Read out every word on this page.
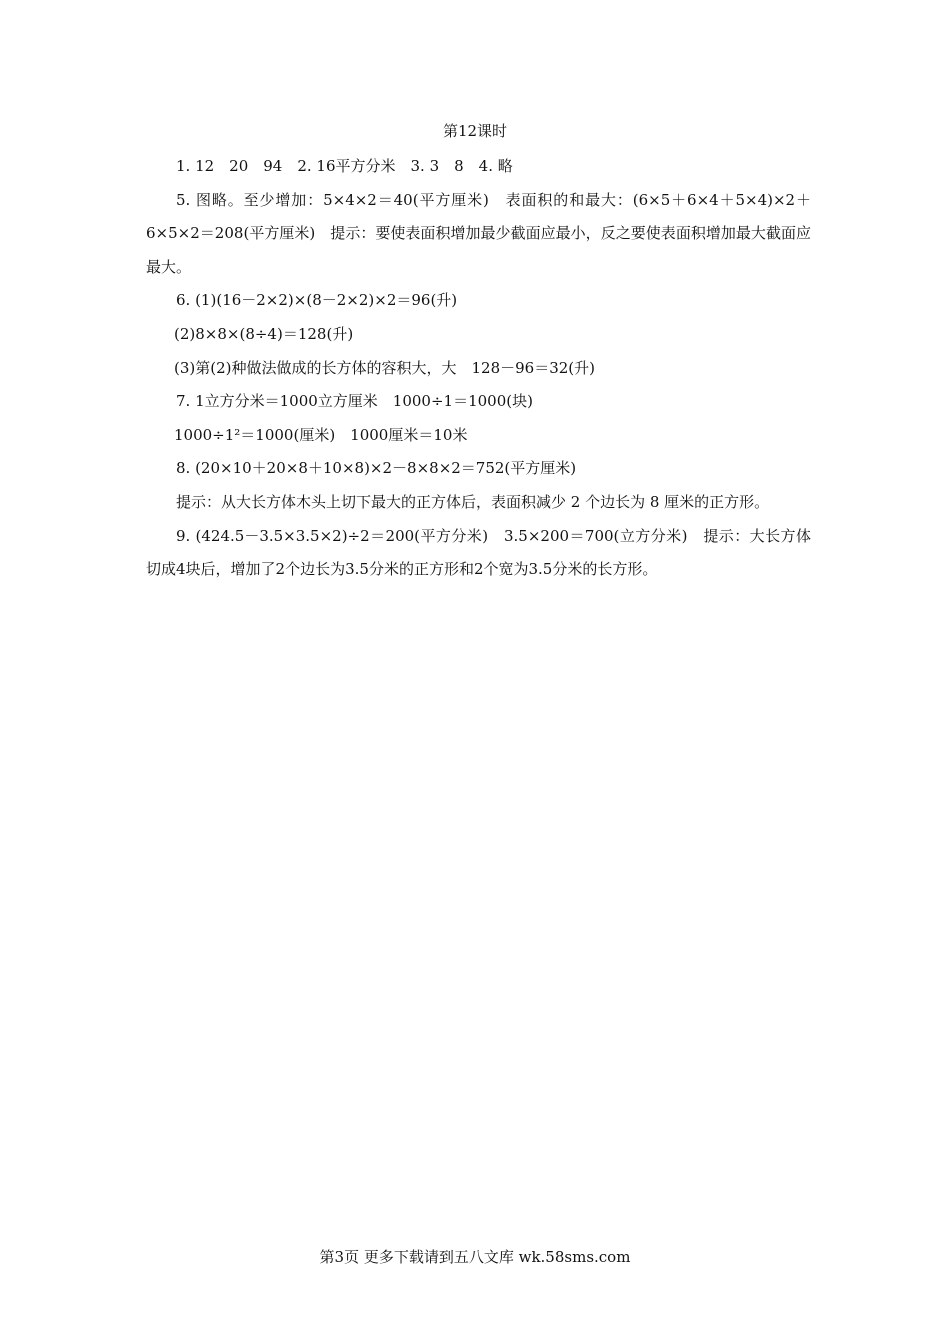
第12课时
1. 12　20　94　2. 16平方分米　3. 3　8　4. 略
5. 图略。至少增加：5×4×2＝40(平方厘米)　表面积的和最大：(6×5＋6×4＋5×4)×2＋6×5×2＝208(平方厘米)　提示：要使表面积增加最少截面应最小，反之要使表面积增加最大截面应最大。
6. (1)(16－2×2)×(8－2×2)×2＝96(升)
(2)8×8×(8÷4)＝128(升)
(3)第(2)种做法做成的长方体的容积大，大　128－96＝32(升)
7. 1立方分米＝1000立方厘米　1000÷1＝1000(块)
1000÷1²＝1000(厘米)　1000厘米＝10米
8. (20×10＋20×8＋10×8)×2－8×8×2＝752(平方厘米)
提示：从大长方体木头上切下最大的正方体后，表面积减少 2 个边长为 8 厘米的正方形。
9. (424.5－3.5×3.5×2)÷2＝200(平方分米)　3.5×200＝700(立方分米)　提示：大长方体切成4块后，增加了2个边长为3.5分米的正方形和2个宽为3.5分米的长方形。
第3页 更多下载请到五八文库 wk.58sms.com
